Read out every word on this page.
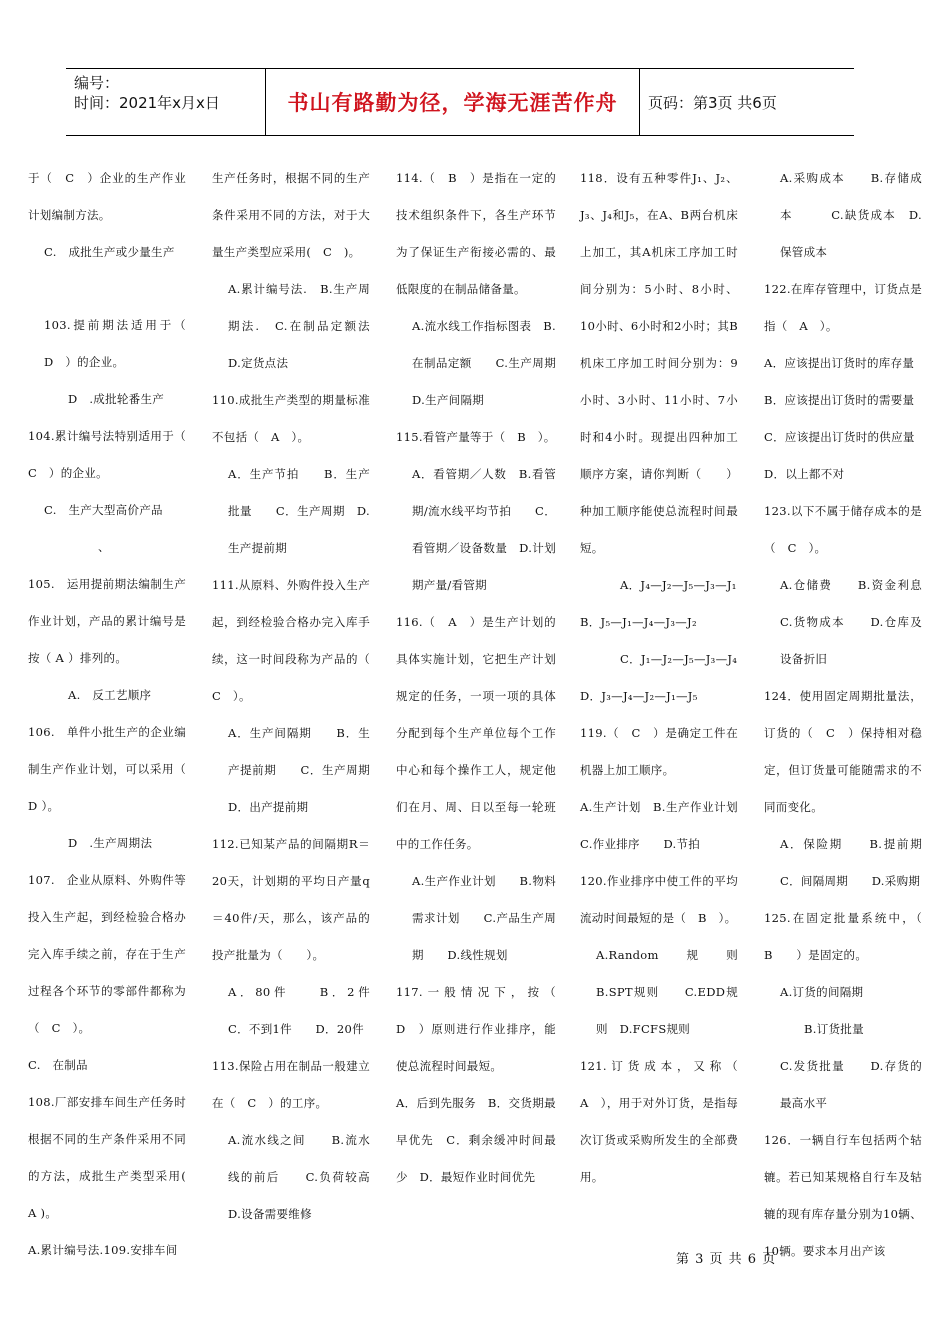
编号：
时间：2021年x月x日	书山有路勤为径，学海无涯苦作舟	页码：第3页 共6页

于（　C　）企业的生产作业计划编制方法。

C.　成批生产或少量生产

103.提前期法适用于（　D　）的企业。

D　.成批轮番生产

104.累计编号法特别适用于（　C　）的企业。

C.　生产大型高价产品

、

105.　运用提前期法编制生产作业计划，产品的累计编号是按（ A ）排列的。

A.　反工艺顺序

106.　单件小批生产的企业编制生产作业计划，可以采用（ D ）。

D　.生产周期法

107.　企业从原料、外购件等投入生产起，到经检验合格办完入库手续之前，存在于生产过程各个环节的零部件都称为（　C　）。

C.　在制品

108.厂部安排车间生产任务时根据不同的生产条件采用不同的方法，成批生产类型采用( A )。

A.累计编号法.109.安排车间

生产任务时，根据不同的生产条件采用不同的方法，对于大量生产类型应采用(　C　)。

A.累计编号法.　B.生产周期法.　C.在制品定额法　D.定货点法

110.成批生产类型的期量标准不包括（　A　）。

A．生产节拍　　B．生产批量　　C．生产周期　D.生产提前期

111.从原料、外购件投入生产起，到经检验合格办完入库手续，这一时间段称为产品的（ C　）。

A．生产间隔期　　B．生产提前期　　C．生产周期　　D．出产提前期

112.已知某产品的间隔期R＝20天，计划期的平均日产量q＝40件/天，那么，该产品的投产批量为（　　）。

A．80件　　B．2件　C．不到1件　　D．20件

113.保险占用在制品一般建立在（　C　）的工序。

A.流水线之间　　B.流水线的前后　　C.负荷较高　D.设备需要维修

114.（　B　）是指在一定的技术组织条件下，各生产环节为了保证生产衔接必需的、最低限度的在制品储备量。

A.流水线工作指标图表　B.在制品定额　　C.生产周期　　D.生产间隔期

115.看管产量等于（　B　）。

A．看管期／人数　B.看管期/流水线平均节拍　　C．看管期／设备数量　D.计划期产量/看管期

116.（　A　）是生产计划的具体实施计划，它把生产计划规定的任务，一项一项的具体分配到每个生产单位每个工作中心和每个操作工人，规定他们在月、周、日以至每一轮班中的工作任务。

A.生产作业计划　　B.物料需求计划　　C.产品生产周期　　D.线性规划

117.一般情况下，按（　D　）原则进行作业排序，能使总流程时间最短。

A．后到先服务　B．交货期最早优先　C．剩余缓冲时间最少　D．最短作业时间优先

118．设有五种零件J₁、J₂、J₃、J₄和J₅，在A、B两台机床上加工，其A机床工序加工时间分别为：5小时、8小时、10小时、6小时和2小时；其B机床工序加工时间分别为：9小时、3小时、11小时、7小时和4小时。现提出四种加工顺序方案，请你判断（　　）种加工顺序能使总流程时间最短。

A．J₄—J₂—J₅—J₃—J₁

B．J₅—J₁—J₄—J₃—J₂

C．J₁—J₂—J₅—J₃—J₄

D．J₃—J₄—J₂—J₁—J₅

119.（　C　）是确定工件在机器上加工顺序。

A.生产计划　B.生产作业计划　　C.作业排序　　D.节拍

120.作业排序中使工件的平均流动时间最短的是（　B　）。

A.Random　　规　　则　B.SPT规则　　C.EDD规则　D.FCFS规则

121.订货成本，又称（　A　），用于对外订货，是指每次订货或采购所发生的全部费用。

A.采购成本　　B.存储成本　　　C.缺货成本　D.保管成本

122.在库存管理中，订货点是指（　A　）。

A．应该提出订货时的库存量

B．应该提出订货时的需要量

C．应该提出订货时的供应量

D．以上都不对

123.以下不属于储存成本的是（　C　）。

A.仓储费　　B.资金利息　C.货物成本　　D.仓库及设备折旧

124．使用固定周期批量法，订货的（　C　）保持相对稳定，但订货量可能随需求的不同而变化。

A．保险期　　B.提前期　C．间隔周期　　D.采购期

125.在固定批量系统中，（　B　　）是固定的。

A.订货的间隔期

B.订货批量

C.发货批量　　D.存货的最高水平

126．一辆自行车包括两个轱辘。若已知某规格自行车及轱辘的现有库存量分别为10辆、10辆。要求本月出产该

第 3 页 共 6 页
